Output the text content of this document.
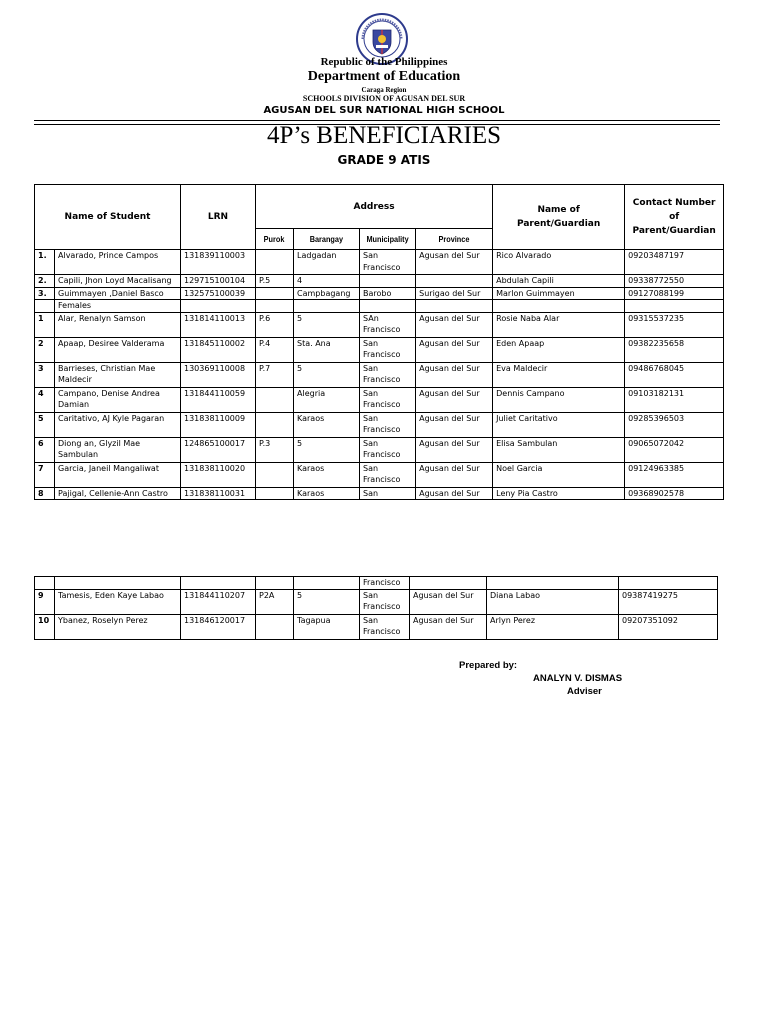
Republic of the Philippines
Department of Education
Caraga Region
SCHOOLS DIVISION OF AGUSAN DEL SUR
AGUSAN DEL SUR NATIONAL HIGH SCHOOL
4P’s BENEFICIARIES
GRADE 9 ATIS
Name of Student		LRN	Address				Name of Parent/Guardian	Contact Number of Parent/Guardian
			Purok	Barangay	Municipality	Province		
1.	Alvarado, Prince Campos	131839110003		Ladgadan	San Francisco	Agusan del Sur	Rico Alvarado	09203487197
2.	Capili, Jhon Loyd Macalisang	129715100104	P.5	4			Abdulah Capili	09338772550
3.	Guimmayen ,Daniel Basco	132575100039		Campbagang	Barobo	Surigao del Sur	Marlon Guimmayen	09127088199
	Females							
1	Alar, Renalyn Samson	131814110013	P.6	5	SAn Francisco	Agusan del Sur	Rosie Naba Alar	09315537235
2	Apaap, Desiree Valderama	131845110002	P.4	Sta. Ana	San Francisco	Agusan del Sur	Eden Apaap	09382235658
3	Barrieses, Christian Mae Maldecir	130369110008	P.7	5	San Francisco	Agusan del Sur	Eva Maldecir	09486768045
4	Campano, Denise Andrea Damian	131844110059		Alegria	San Francisco	Agusan del Sur	Dennis Campano	09103182131
5	Caritativo, AJ Kyle Pagaran	131838110009		Karaos	San Francisco	Agusan del Sur	Juliet Caritativo	09285396503
6	Diong an, Glyzil Mae Sambulan	124865100017	P.3	5	San Francisco	Agusan del Sur	Elisa Sambulan	09065072042
7	Garcia, Janeil Mangaliwat	131838110020		Karaos	San Francisco	Agusan del Sur	Noel Garcia	09124963385
8	Pajigal, Cellenie-Ann Castro	131838110031		Karaos	San	Agusan del Sur	Leny Pia Castro	09368902578
					Francisco			
9	Tamesis, Eden Kaye Labao	131844110207	P2A	5	San Francisco	Agusan del Sur	Diana Labao	09387419275
10	Ybanez, Roselyn Perez	131846120017		Tagapua	San Francisco	Agusan del Sur	Arlyn Perez	09207351092
Prepared by:
ANALYN V. DISMAS
Adviser
